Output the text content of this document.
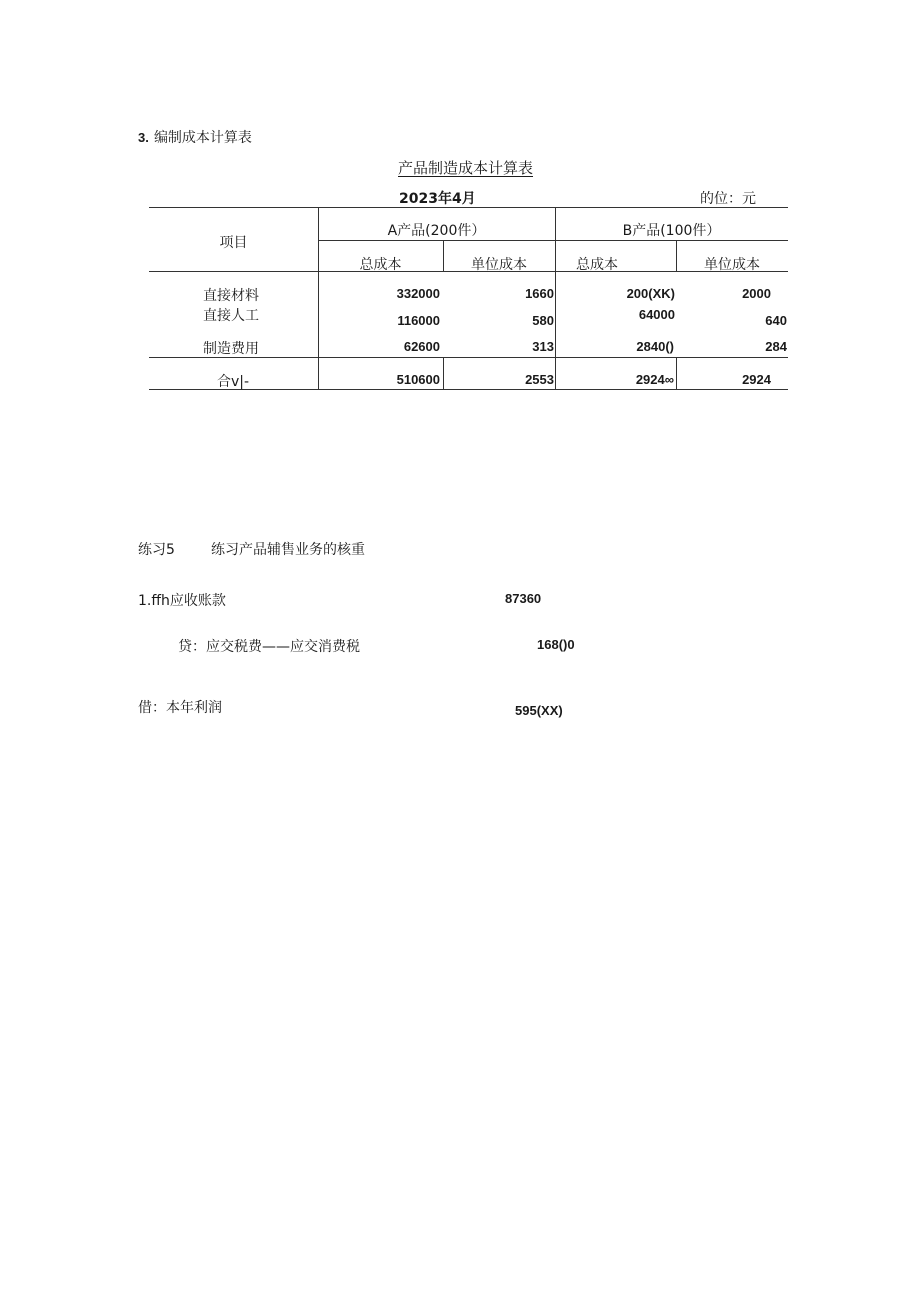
3. 编制成本计算表
产品制造成本计算表
2023年4月	的位：元
项目
A产品(200件）	B产品(100件）
总成本	单位成本	总成本	单位成本
直接材料	332000	1660	200(XK)	2000
直接人工	116000	580	64000	640
制造费用	62600	313	2840()	284
合v|-	510600	2553	2924∞	2924
练习5	练习产品辅售业务的核重
1.ffh应收账款	87360
贷：应交税费——应交消费税	168()0
借：本年利润	595(XX)
